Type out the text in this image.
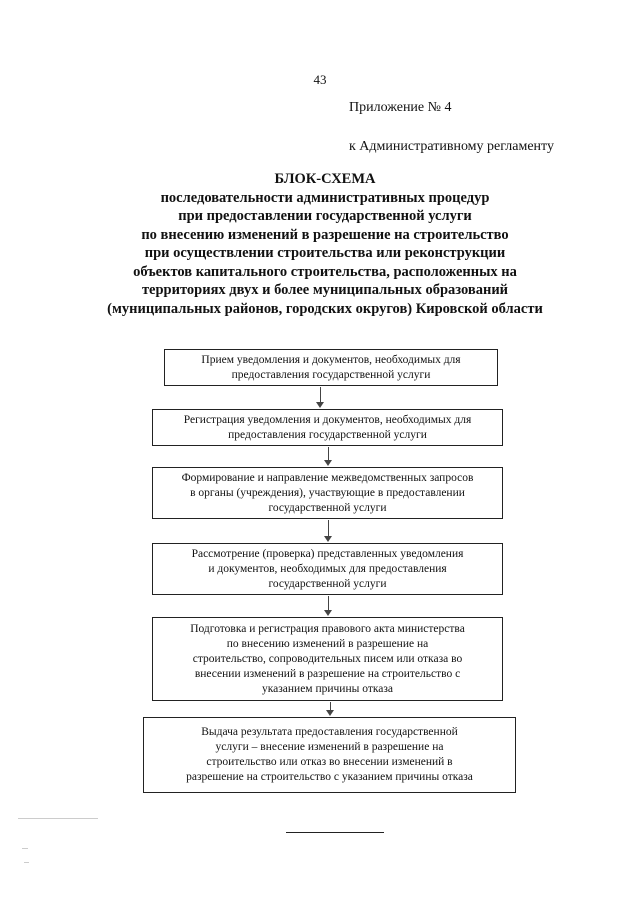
43
Приложение № 4
к Административному регламенту
БЛОК-СХЕМА
последовательности административных процедур
при предоставлении государственной услуги
по внесению изменений в разрешение на строительство
при осуществлении строительства или реконструкции
объектов капитального строительства, расположенных на
территориях двух и более муниципальных образований
(муниципальных районов, городских округов) Кировской области
Прием уведомления и документов, необходимых для
предоставления государственной услуги
Регистрация уведомления и документов, необходимых для
предоставления государственной услуги
Формирование и направление межведомственных запросов
в органы (учреждения), участвующие в предоставлении
государственной услуги
Рассмотрение (проверка) представленных уведомления
и документов, необходимых для предоставления
государственной услуги
Подготовка и регистрация правового акта министерства
по внесению изменений в разрешение на
строительство, сопроводительных писем или отказа во
внесении изменений в разрешение на строительство с
указанием причины отказа
Выдача результата предоставления государственной
услуги – внесение изменений в разрешение на
строительство или отказ во внесении изменений в
разрешение на строительство с указанием причины отказа
